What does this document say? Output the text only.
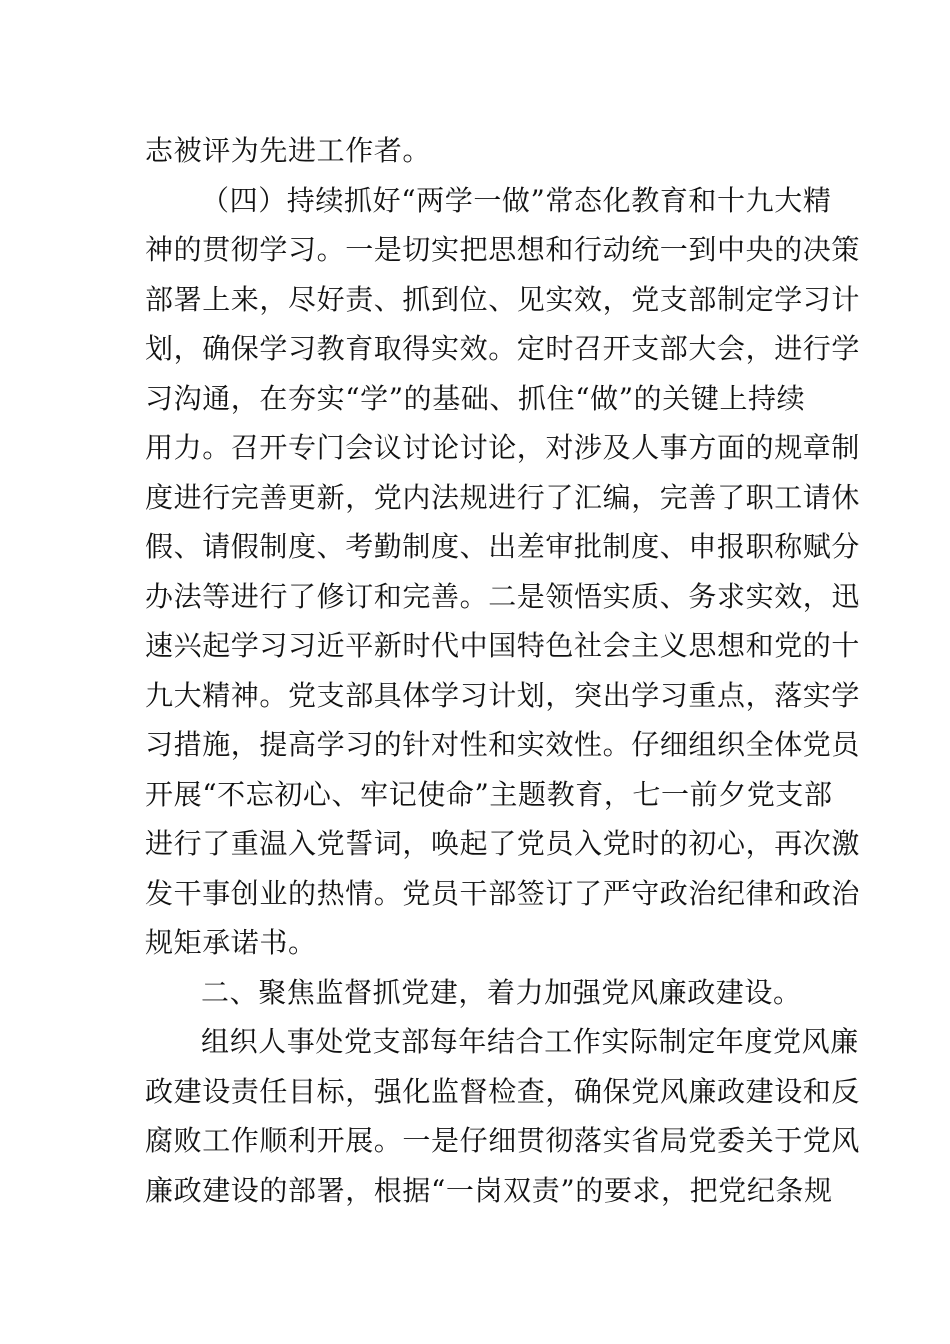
志被评为先进工作者。
（四）持续抓好“两学一做”常态化教育和十九大精
神的贯彻学习。一是切实把思想和行动统一到中央的决策
部署上来，尽好责、抓到位、见实效，党支部制定学习计
划，确保学习教育取得实效。定时召开支部大会，进行学
习沟通，在夯实“学”的基础、抓住“做”的关键上持续
用力。召开专门会议讨论讨论，对涉及人事方面的规章制
度进行完善更新，党内法规进行了汇编，完善了职工请休
假、请假制度、考勤制度、出差审批制度、申报职称赋分
办法等进行了修订和完善。二是领悟实质、务求实效，迅
速兴起学习习近平新时代中国特色社会主义思想和党的十
九大精神。党支部具体学习计划，突出学习重点，落实学
习措施，提高学习的针对性和实效性。仔细组织全体党员
开展“不忘初心、牢记使命”主题教育，七一前夕党支部
进行了重温入党誓词，唤起了党员入党时的初心，再次激
发干事创业的热情。党员干部签订了严守政治纪律和政治
规矩承诺书。
二、聚焦监督抓党建，着力加强党风廉政建设。
组织人事处党支部每年结合工作实际制定年度党风廉
政建设责任目标，强化监督检查，确保党风廉政建设和反
腐败工作顺利开展。一是仔细贯彻落实省局党委关于党风
廉政建设的部署，根据“一岗双责”的要求，把党纪条规
